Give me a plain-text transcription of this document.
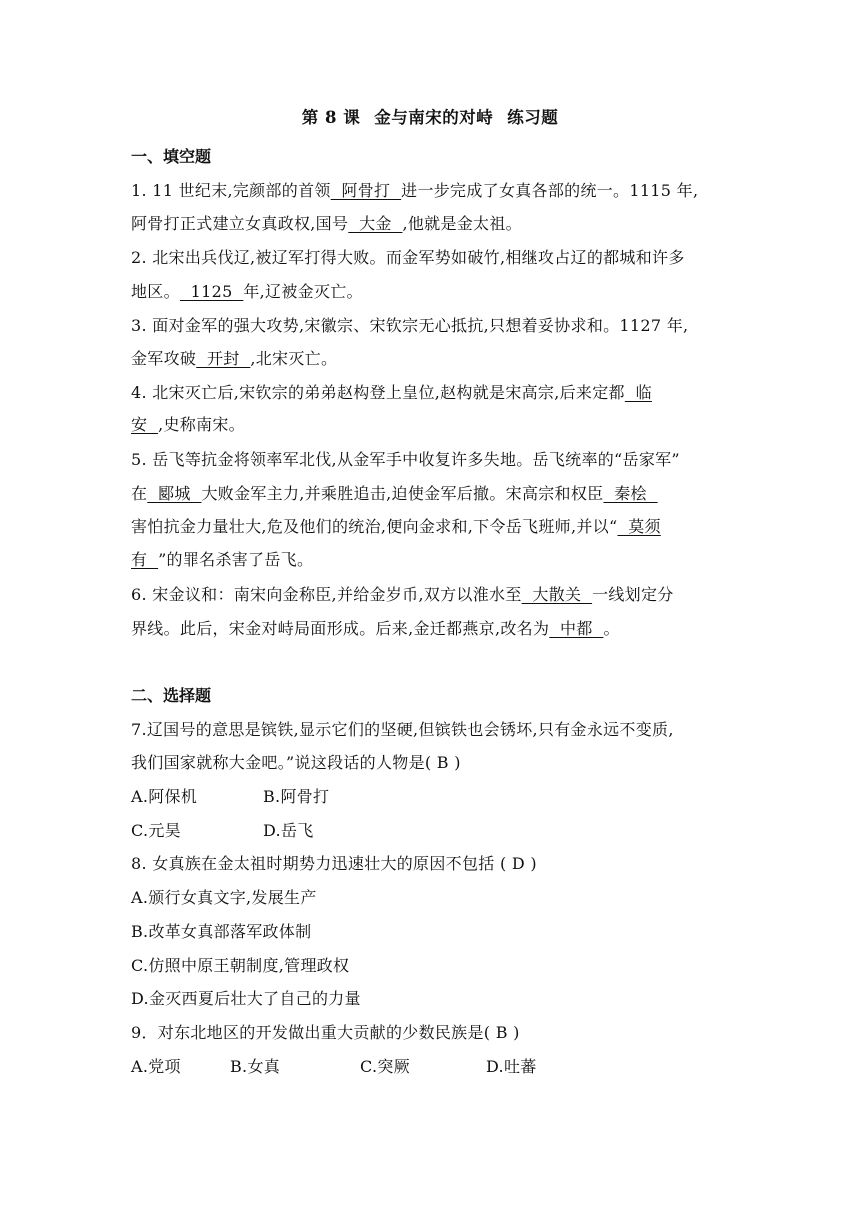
第 8 课 金与南宋的对峙 练习题
一、填空题
1. 11 世纪末,完颜部的首领  阿骨打  进一步完成了女真各部的统一。1115 年,
阿骨打正式建立女真政权,国号  大金  ,他就是金太祖。
2. 北宋出兵伐辽,被辽军打得大败。而金军势如破竹,相继攻占辽的都城和许多
地区。  1125  年,辽被金灭亡。
3. 面对金军的强大攻势,宋徽宗、宋钦宗无心抵抗,只想着妥协求和。1127 年,
金军攻破  开封  ,北宋灭亡。
4. 北宋灭亡后,宋钦宗的弟弟赵构登上皇位,赵构就是宋高宗,后来定都  临
安  ,史称南宋。
5. 岳飞等抗金将领率军北伐,从金军手中收复许多失地。岳飞统率的“岳家军”
在  郾城  大败金军主力,并乘胜追击,迫使金军后撤。宋高宗和权臣  秦桧
害怕抗金力量壮大,危及他们的统治,便向金求和,下令岳飞班师,并以“  莫须
有  ”的罪名杀害了岳飞。
6. 宋金议和：南宋向金称臣,并给金岁币,双方以淮水至  大散关  一线划定分
界线。此后，宋金对峙局面形成。后来,金迁都燕京,改名为  中都  。
二、选择题
7.辽国号的意思是镔铁,显示它们的坚硬,但镔铁也会锈坏,只有金永远不变质,
我们国家就称大金吧。”说这段话的人物是( B )
A.阿保机	B.阿骨打
C.元昊	D.岳飞
8. 女真族在金太祖时期势力迅速壮大的原因不包括 ( D )
A.颁行女真文字,发展生产
B.改革女真部落军政体制
C.仿照中原王朝制度,管理政权
D.金灭西夏后壮大了自己的力量
9．对东北地区的开发做出重大贡献的少数民族是( B )
A.党项	B.女真	C.突厥	D.吐蕃
